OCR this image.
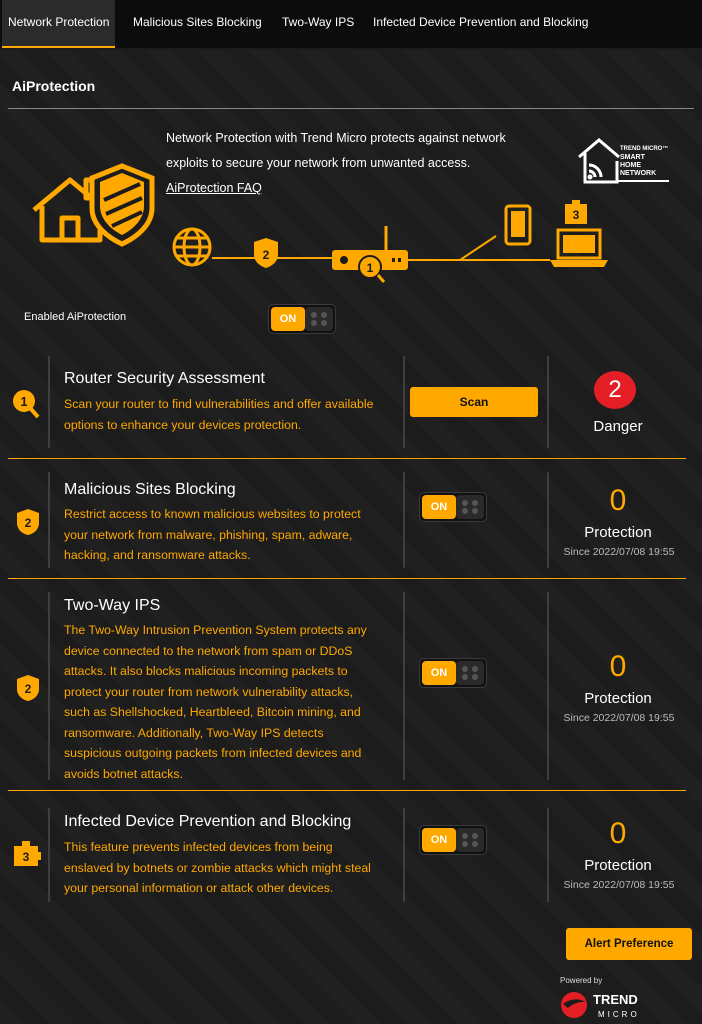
Network Protection	Malicious Sites Blocking	Two-Way IPS	Infected Device Prevention and Blocking
AiProtection
Network Protection with Trend Micro protects against network
exploits to secure your network from unwanted access.
AiProtection FAQ
TREND MICRO™
SMART
HOME
NETWORK
2
1
3
Enabled AiProtection	ON
1
Router Security Assessment
Scan your router to find vulnerabilities and offer available
options to enhance your devices protection.
Scan	2
Danger
2
Malicious Sites Blocking
Restrict access to known malicious websites to protect
your network from malware, phishing, spam, adware,
hacking, and ransomware attacks.
ON	0
Protection
Since 2022/07/08 19:55
2
Two-Way IPS
The Two-Way Intrusion Prevention System protects any
device connected to the network from spam or DDoS
attacks. It also blocks malicious incoming packets to
protect your router from network vulnerability attacks,
such as Shellshocked, Heartbleed, Bitcoin mining, and
ransomware. Additionally, Two-Way IPS detects
suspicious outgoing packets from infected devices and
avoids botnet attacks.
ON	0
Protection
Since 2022/07/08 19:55
3
Infected Device Prevention and Blocking
This feature prevents infected devices from being
enslaved by botnets or zombie attacks which might steal
your personal information or attack other devices.
ON	0
Protection
Since 2022/07/08 19:55
Alert Preference
Powered by
TREND
MICRO
